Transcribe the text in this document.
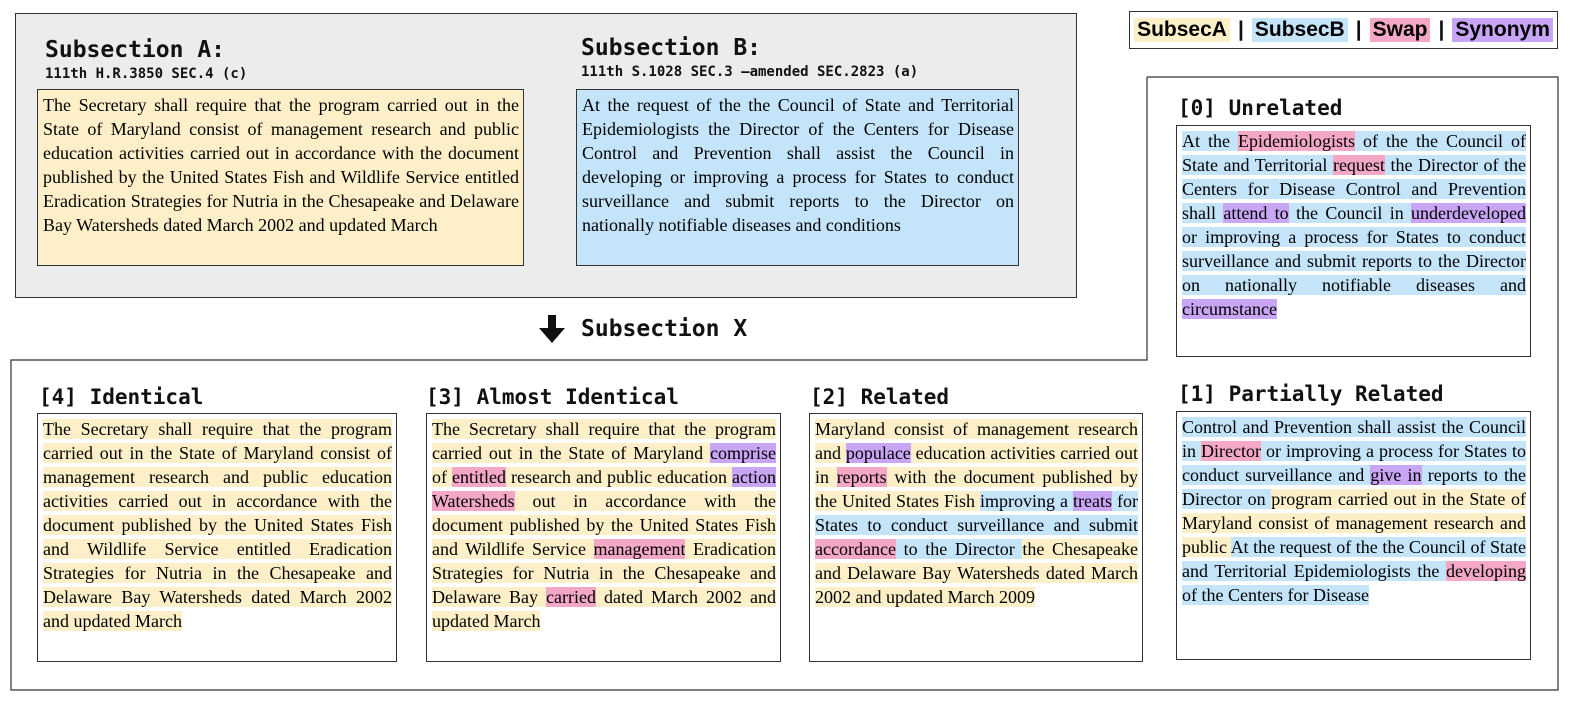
SubsecA | SubsecB | Swap | Synonym
Subsection A:
111th H.R.3850 SEC.4 (c)
The Secretary shall require that the program carried out in the State of Maryland consist of management research and public education activities carried out in accordance with the document published by the United States Fish and Wildlife Service entitled Eradication Strategies for Nutria in the Chesapeake and Delaware Bay Watersheds dated March 2002 and updated March
Subsection B:
111th S.1028 SEC.3 –amended SEC.2823 (a)
At the request of the the Council of State and Territorial Epidemiologists the Director of the Centers for Disease Control and Prevention shall assist the Council in developing or improving a process for States to conduct surveillance and submit reports to the Director on nationally notifiable diseases and conditions
Subsection X
[4] Identical
The Secretary shall require that the program carried out in the State of Maryland consist of management research and public education activities carried out in accordance with the document published by the United States Fish and Wildlife Service entitled Eradication Strategies for Nutria in the Chesapeake and Delaware Bay Watersheds dated March 2002 and updated March
[3] Almost Identical
The Secretary shall require that the program carried out in the State of Maryland comprise of entitled research and public education action Watersheds out in accordance with the document published by the United States Fish and Wildlife Service management Eradication Strategies for Nutria in the Chesapeake and Delaware Bay carried dated March 2002 and updated March
[2] Related
Maryland consist of management research and populace education activities carried out in reports with the document published by the United States Fish improving a treats for States to conduct surveillance and submit accordance to the Director the Chesapeake and Delaware Bay Watersheds dated March 2002 and updated March 2009
[0] Unrelated
At the Epidemiologists of the the Council of State and Territorial request the Director of the Centers for Disease Control and Prevention shall attend to the Council in underdeveloped or improving a process for States to conduct surveillance and submit reports to the Director on nationally notifiable diseases and circumstance
[1] Partially Related
Control and Prevention shall assist the Council in Director or improving a process for States to conduct surveillance and give in reports to the Director on program carried out in the State of Maryland consist of management research and public At the request of the the Council of State and Territorial Epidemiologists the developing of the Centers for Disease
